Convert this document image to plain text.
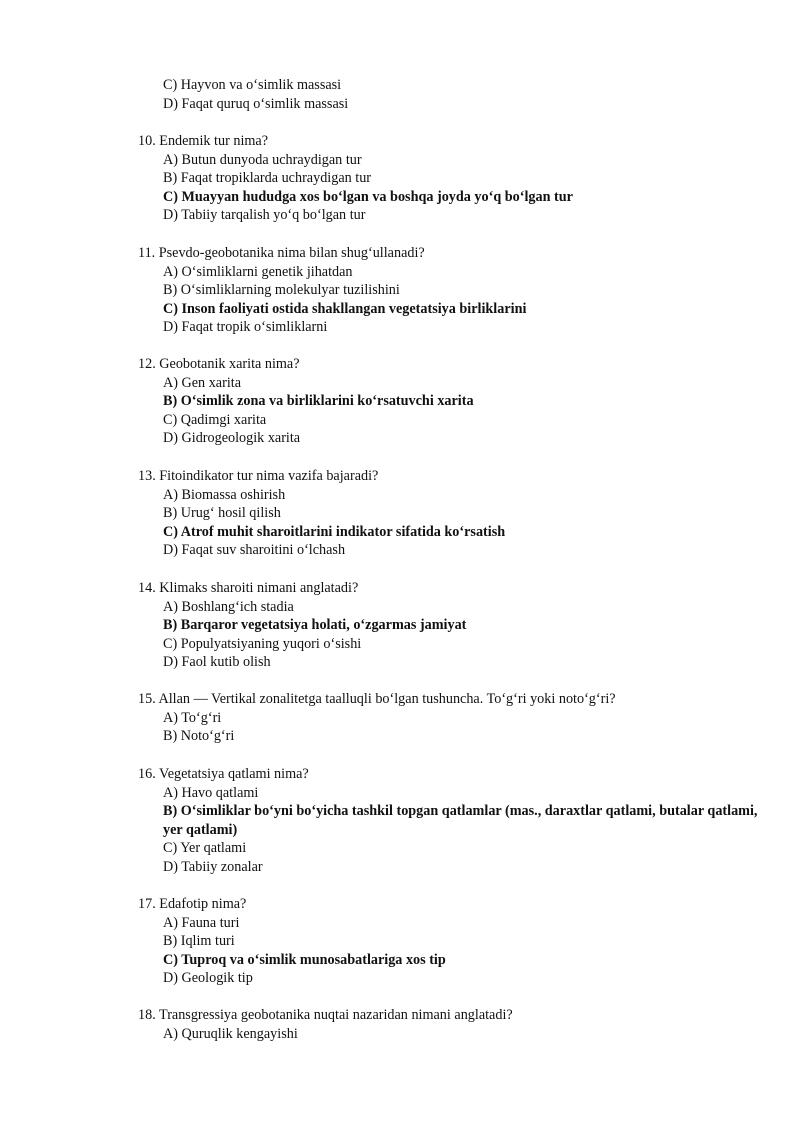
C) Hayvon va o‘simlik massasi
D) Faqat quruq o‘simlik massasi
10. Endemik tur nima?
A) Butun dunyoda uchraydigan tur
B) Faqat tropiklarda uchraydigan tur
C) Muayyan hududga xos bo‘lgan va boshqa joyda yo‘q bo‘lgan tur
D) Tabiiy tarqalish yo‘q bo‘lgan tur
11. Psevdo-geobotanika nima bilan shug‘ullanadi?
A) O‘simliklarni genetik jihatdan
B) O‘simliklarning molekulyar tuzilishini
C) Inson faoliyati ostida shakllangan vegetatsiya birliklarini
D) Faqat tropik o‘simliklarni
12. Geobotanik xarita nima?
A) Gen xarita
B) O‘simlik zona va birliklarini ko‘rsatuvchi xarita
C) Qadimgi xarita
D) Gidrogeologik xarita
13. Fitoindikator tur nima vazifa bajaradi?
A) Biomassa oshirish
B) Urug‘ hosil qilish
C) Atrof muhit sharoitlarini indikator sifatida ko‘rsatish
D) Faqat suv sharoitini o‘lchash
14. Klimaks sharoiti nimani anglatadi?
A) Boshlang‘ich stadia
B) Barqaror vegetatsiya holati, o‘zgarmas jamiyat
C) Populyatsiyaning yuqori o‘sishi
D) Faol kutib olish
15. Allan — Vertikal zonalitetga taalluqli bo‘lgan tushuncha. To‘g‘ri yoki noto‘g‘ri?
A) To‘g‘ri
B) Noto‘g‘ri
16. Vegetatsiya qatlami nima?
A) Havo qatlami
B) O‘simliklar bo‘yni bo‘yicha tashkil topgan qatlamlar (mas., daraxtlar qatlami, butalar qatlami, yer qatlami)
C) Yer qatlami
D) Tabiiy zonalar
17. Edafotip nima?
A) Fauna turi
B) Iqlim turi
C) Tuproq va o‘simlik munosabatlariga xos tip
D) Geologik tip
18. Transgressiya geobotanika nuqtai nazaridan nimani anglatadi?
A) Quruqlik kengayishi
